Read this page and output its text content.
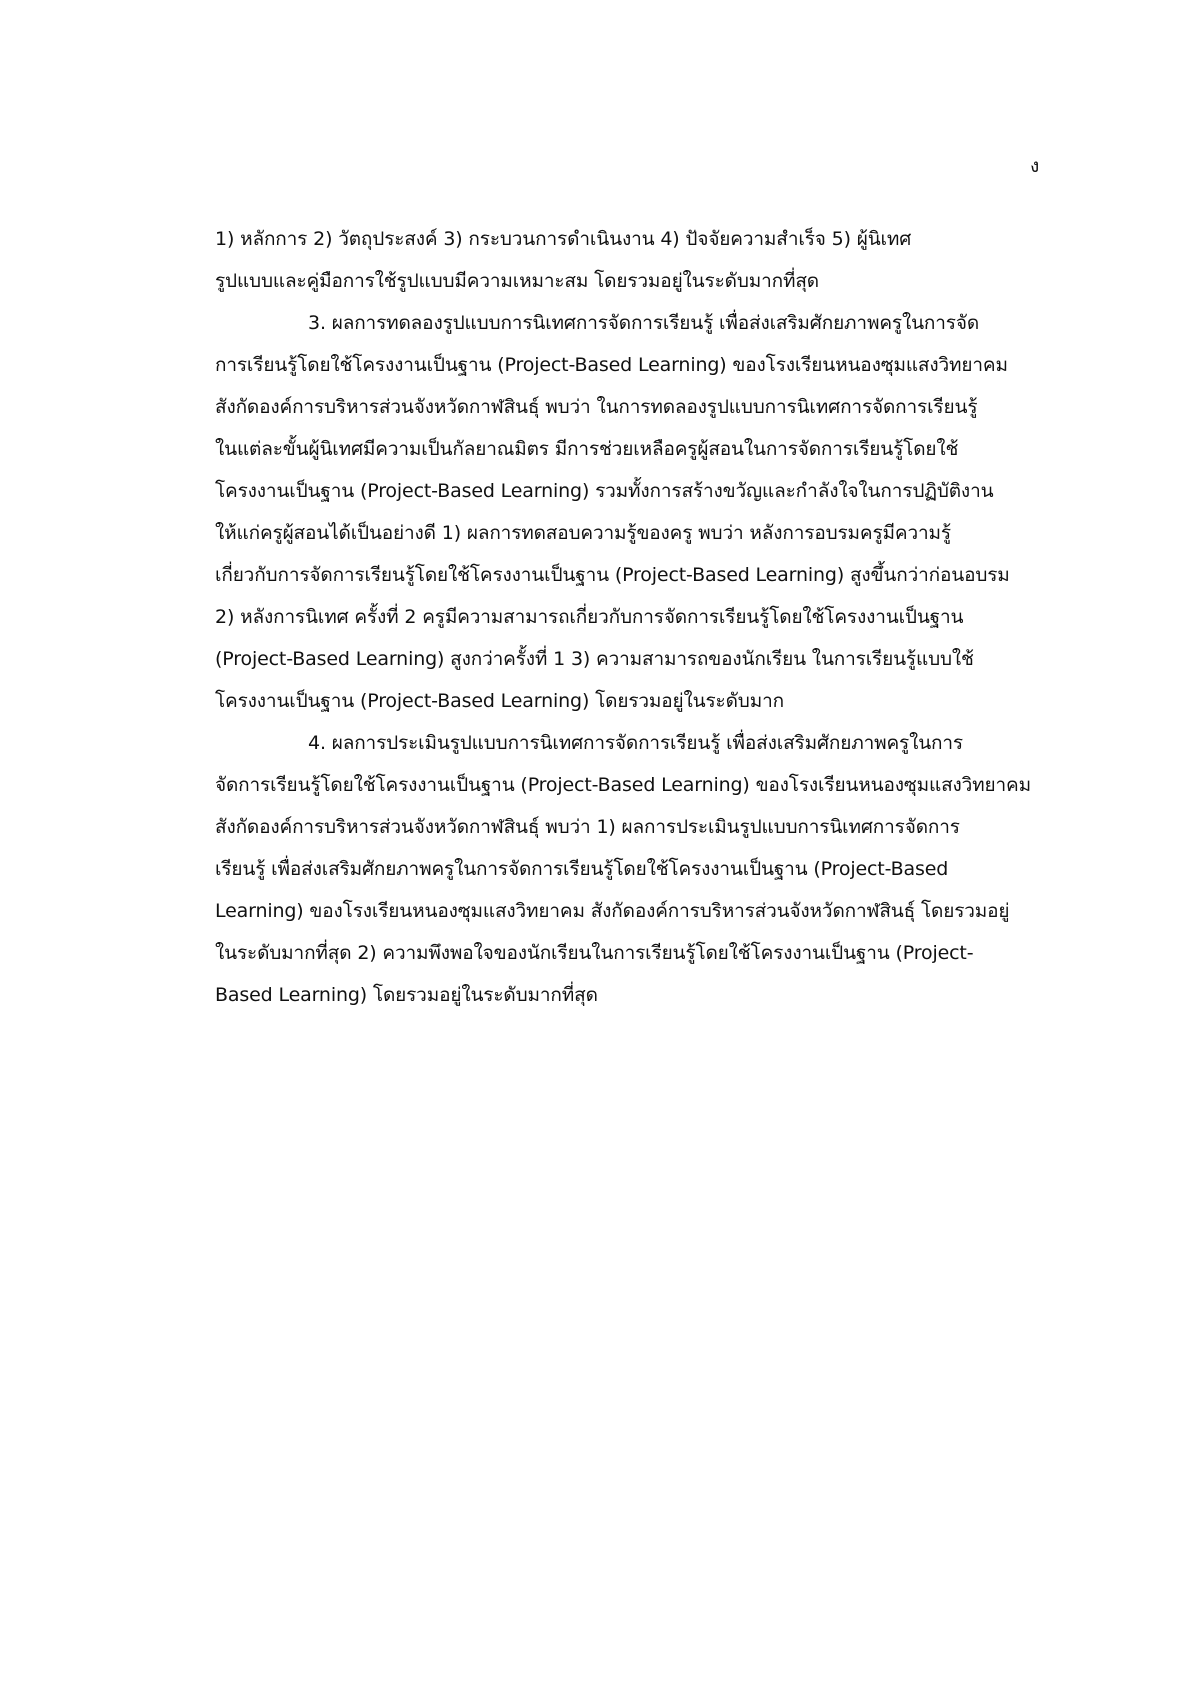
ง
1) หลักการ 2) วัตถุประสงค์ 3) กระบวนการดำเนินงาน 4) ปัจจัยความสำเร็จ 5) ผู้นิเทศ
รูปแบบและคู่มือการใช้รูปแบบมีความเหมาะสม โดยรวมอยู่ในระดับมากที่สุด
3. ผลการทดลองรูปแบบการนิเทศการจัดการเรียนรู้ เพื่อส่งเสริมศักยภาพครูในการจัด
การเรียนรู้โดยใช้โครงงานเป็นฐาน (Project-Based Learning) ของโรงเรียนหนองซุมแสงวิทยาคม
สังกัดองค์การบริหารส่วนจังหวัดกาฬสินธุ์ พบว่า ในการทดลองรูปแบบการนิเทศการจัดการเรียนรู้
ในแต่ละขั้นผู้นิเทศมีความเป็นกัลยาณมิตร มีการช่วยเหลือครูผู้สอนในการจัดการเรียนรู้โดยใช้
โครงงานเป็นฐาน (Project-Based Learning) รวมทั้งการสร้างขวัญและกำลังใจในการปฏิบัติงาน
ให้แก่ครูผู้สอนได้เป็นอย่างดี 1) ผลการทดสอบความรู้ของครู พบว่า หลังการอบรมครูมีความรู้
เกี่ยวกับการจัดการเรียนรู้โดยใช้โครงงานเป็นฐาน (Project-Based Learning) สูงขึ้นกว่าก่อนอบรม
2) หลังการนิเทศ ครั้งที่ 2 ครูมีความสามารถเกี่ยวกับการจัดการเรียนรู้โดยใช้โครงงานเป็นฐาน
(Project-Based Learning) สูงกว่าครั้งที่ 1 3) ความสามารถของนักเรียน ในการเรียนรู้แบบใช้
โครงงานเป็นฐาน (Project-Based Learning) โดยรวมอยู่ในระดับมาก
4. ผลการประเมินรูปแบบการนิเทศการจัดการเรียนรู้ เพื่อส่งเสริมศักยภาพครูในการ
จัดการเรียนรู้โดยใช้โครงงานเป็นฐาน (Project-Based Learning) ของโรงเรียนหนองซุมแสงวิทยาคม
สังกัดองค์การบริหารส่วนจังหวัดกาฬสินธุ์ พบว่า 1) ผลการประเมินรูปแบบการนิเทศการจัดการ
เรียนรู้ เพื่อส่งเสริมศักยภาพครูในการจัดการเรียนรู้โดยใช้โครงงานเป็นฐาน (Project-Based
Learning) ของโรงเรียนหนองซุมแสงวิทยาคม สังกัดองค์การบริหารส่วนจังหวัดกาฬสินธุ์ โดยรวมอยู่
ในระดับมากที่สุด 2) ความพึงพอใจของนักเรียนในการเรียนรู้โดยใช้โครงงานเป็นฐาน (Project-
Based Learning) โดยรวมอยู่ในระดับมากที่สุด
